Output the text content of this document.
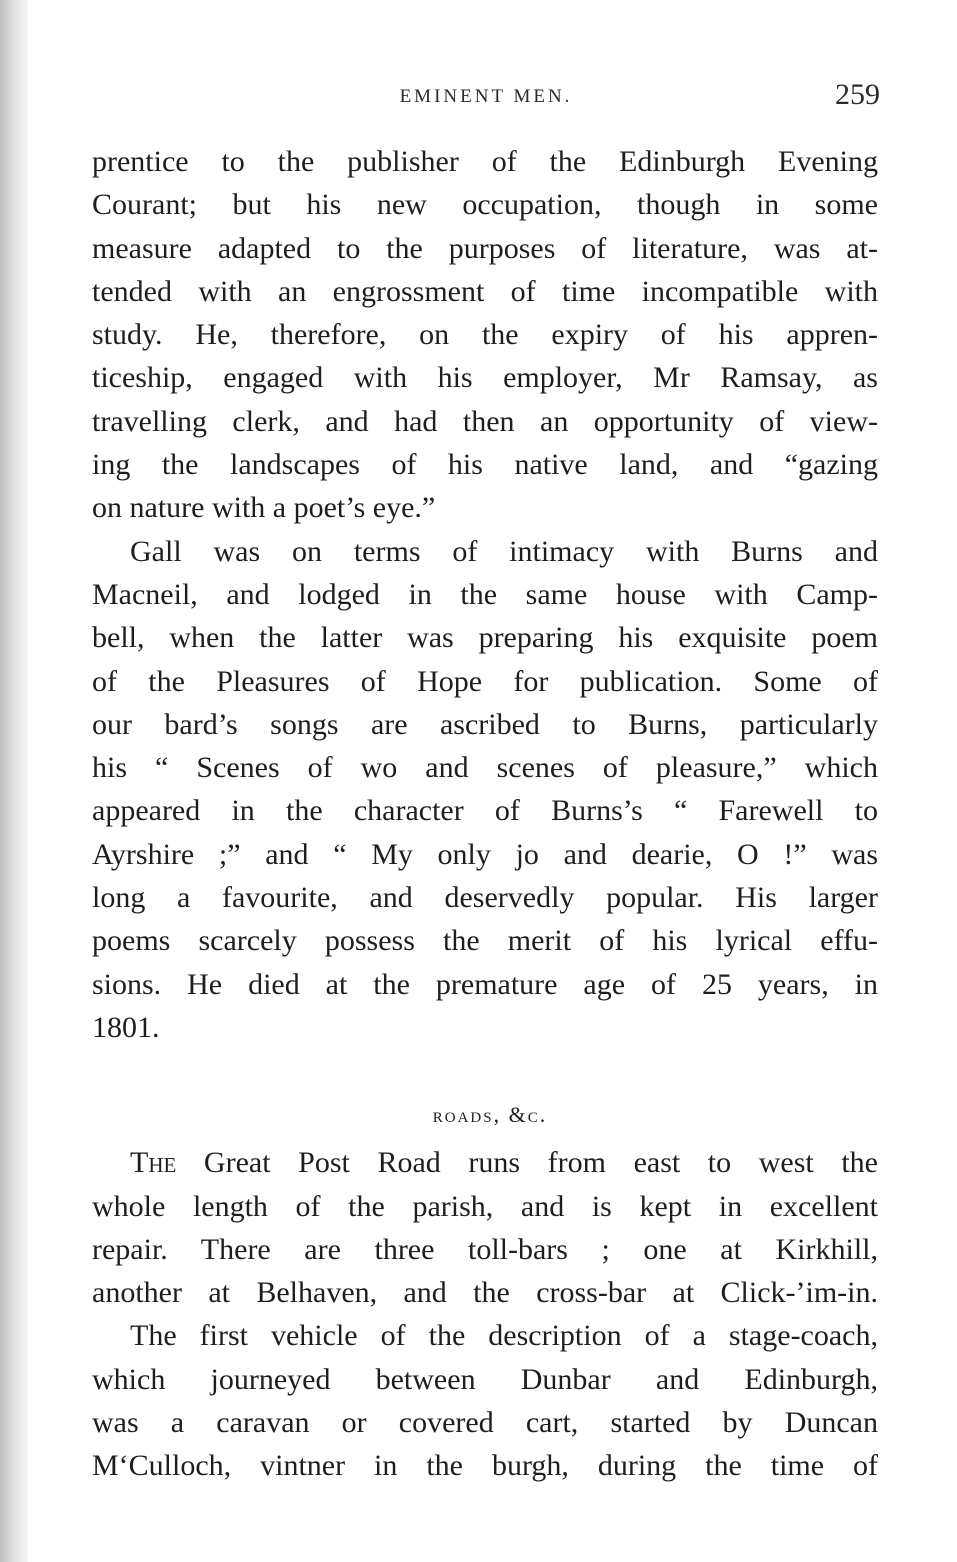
EMINENT MEN.	259
prentice to the publisher of the Edinburgh Evening
Courant; but his new occupation, though in some
measure adapted to the purposes of literature, was at-
tended with an engrossment of time incompatible with
study. He, therefore, on the expiry of his appren-
ticeship, engaged with his employer, Mr Ramsay, as
travelling clerk, and had then an opportunity of view-
ing the landscapes of his native land, and “gazing
on nature with a poet’s eye.”
Gall was on terms of intimacy with Burns and
Macneil, and lodged in the same house with Camp-
bell, when the latter was preparing his exquisite poem
of the Pleasures of Hope for publication. Some of
our bard’s songs are ascribed to Burns, particularly
his “ Scenes of wo and scenes of pleasure,” which
appeared in the character of Burns’s “ Farewell to
Ayrshire ;” and “ My only jo and dearie, O !” was
long a favourite, and deservedly popular. His larger
poems scarcely possess the merit of his lyrical effu-
sions. He died at the premature age of 25 years, in
1801.
roads, &c.
The Great Post Road runs from east to west the
whole length of the parish, and is kept in excellent
repair. There are three toll-bars ; one at Kirkhill,
another at Belhaven, and the cross-bar at Click-’im-in.
The first vehicle of the description of a stage-coach,
which journeyed between Dunbar and Edinburgh,
was a caravan or covered cart, started by Duncan
M‘Culloch, vintner in the burgh, during the time of
